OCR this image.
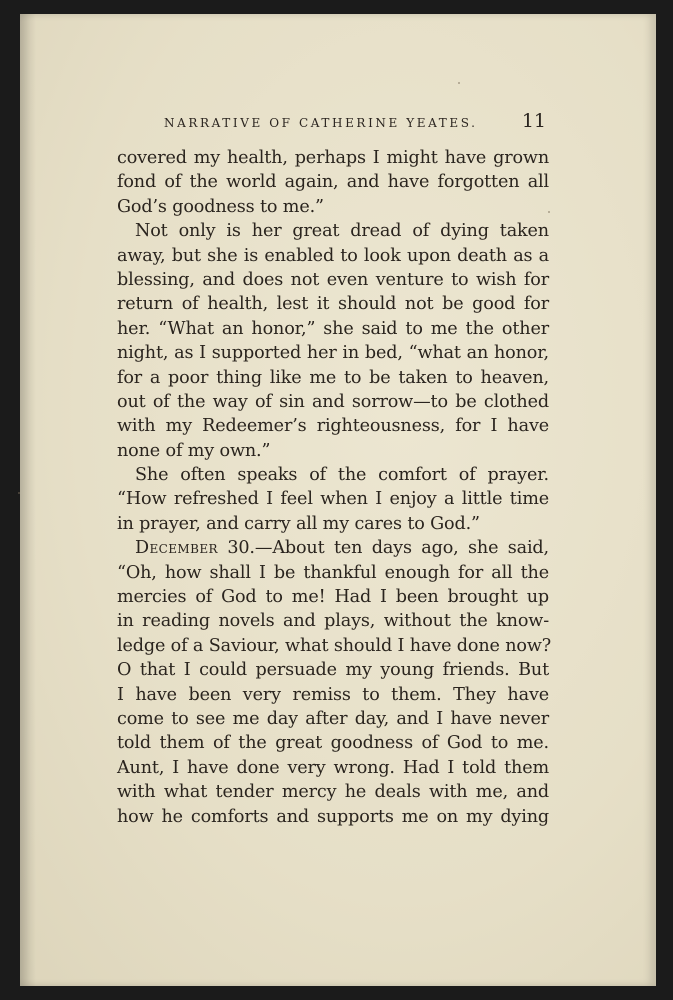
NARRATIVE OF CATHERINE YEATES. 11
covered my health, perhaps I might have grown
fond of the world again, and have forgotten all
God’s goodness to me.”
Not only is her great dread of dying taken
away, but she is enabled to look upon death as a
blessing, and does not even venture to wish for
return of health, lest it should not be good for
her. “What an honor,” she said to me the other
night, as I supported her in bed, “what an honor,
for a poor thing like me to be taken to heaven,
out of the way of sin and sorrow—to be clothed
with my Redeemer’s righteousness, for I have
none of my own.”
She often speaks of the comfort of prayer.
“How refreshed I feel when I enjoy a little time
in prayer, and carry all my cares to God.”
December 30.—About ten days ago, she said,
“Oh, how shall I be thankful enough for all the
mercies of God to me! Had I been brought up
in reading novels and plays, without the know-
ledge of a Saviour, what should I have done now?
O that I could persuade my young friends. But
I have been very remiss to them. They have
come to see me day after day, and I have never
told them of the great goodness of God to me.
Aunt, I have done very wrong. Had I told them
with what tender mercy he deals with me, and
how he comforts and supports me on my dying
